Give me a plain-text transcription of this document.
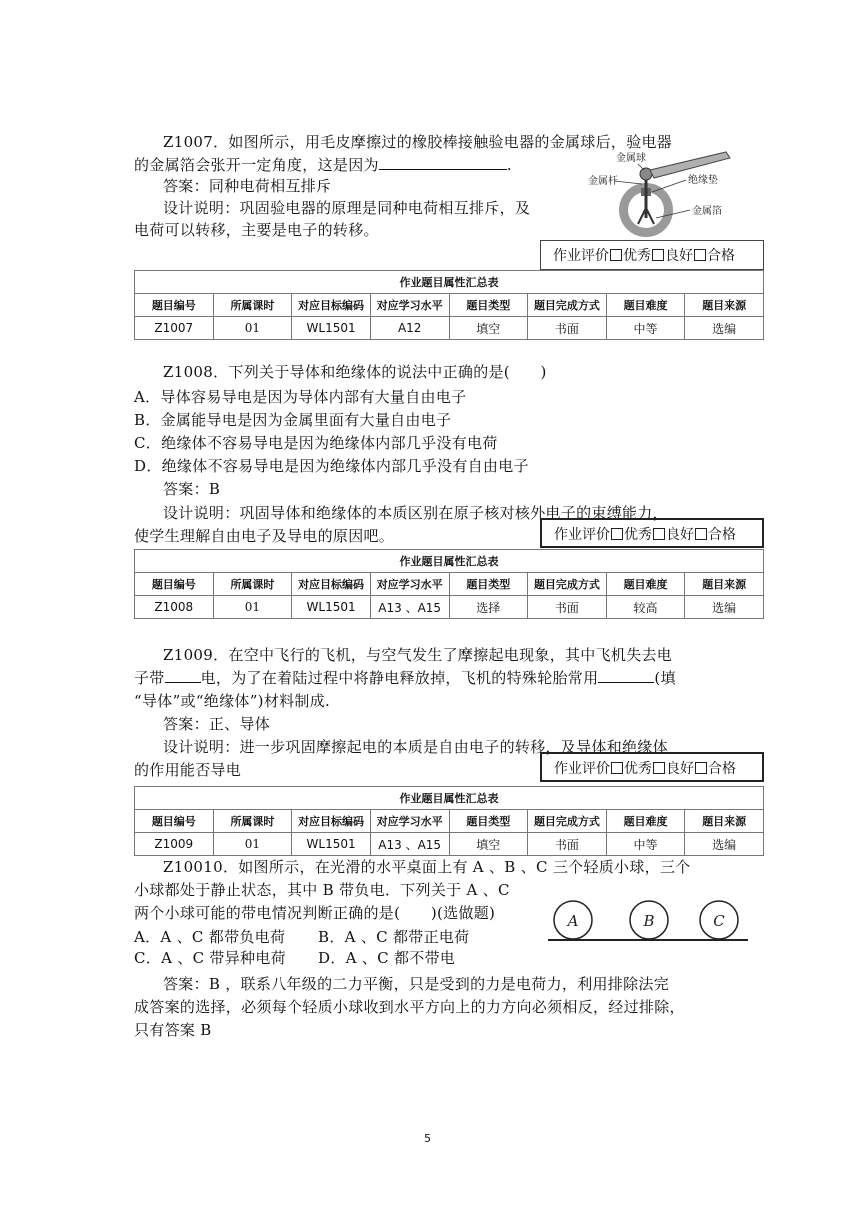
Z1007．如图所示，用毛皮摩擦过的橡胶棒接触验电器的金属球后，验电器
的金属箔会张开一定角度，这是因为	.
答案：同种电荷相互排斥
设计说明：巩固验电器的原理是同种电荷相互排斥，及
电荷可以转移，主要是电子的转移。
金属球
金属杆	绝缘垫
金属箔
作业评价 优秀 良好 合格
作业题目属性汇总表							
题目编号	所属课时	对应目标编码	对应学习水平	题目类型	题目完成方式	题目难度	题目来源
Z1007	01	WL1501	A12	填空	书面	中等	选编
Z1008．下列关于导体和绝缘体的说法中正确的是(　　)
A．导体容易导电是因为导体内部有大量自由电子
B．金属能导电是因为金属里面有大量自由电子
C．绝缘体不容易导电是因为绝缘体内部几乎没有电荷
D．绝缘体不容易导电是因为绝缘体内部几乎没有自由电子
答案：B
设计说明：巩固导体和绝缘体的本质区别在原子核对核外电子的束缚能力，
使学生理解自由电子及导电的原因吧。	作业评价 优秀 良好 合格
作业题目属性汇总表							
题目编号	所属课时	对应目标编码	对应学习水平	题目类型	题目完成方式	题目难度	题目来源
Z1008	01	WL1501	A13 、A15	选择	书面	较高	选编
Z1009．在空中飞行的飞机，与空气发生了摩擦起电现象，其中飞机失去电
子带 电，为了在着陆过程中将静电释放掉，飞机的特殊轮胎常用	(填
“导体”或“绝缘体”)材料制成.
答案：正、导体
设计说明：进一步巩固摩擦起电的本质是自由电子的转移，及导体和绝缘体
的作用能否导电	作业评价 优秀 良好 合格
作业题目属性汇总表							
题目编号	所属课时	对应目标编码	对应学习水平	题目类型	题目完成方式	题目难度	题目来源
Z1009	01	WL1501	A13 、A15	填空	书面	中等	选编
Z10010．如图所示，在光滑的水平桌面上有 A 、B 、C 三个轻质小球，三个
小球都处于静止状态，其中 B 带负电．下列关于 A 、C
两个小球可能的带电情况判断正确的是(　　)(选做题)
A．A 、C 都带负电荷 B．A 、C 都带正电荷
C．A 、C 带异种电荷 D．A 、C 都不带电
A	B	C
答案：B ，联系八年级的二力平衡，只是受到的力是电荷力，利用排除法完
成答案的选择，必须每个轻质小球收到水平方向上的力方向必须相反，经过排除，
只有答案 B
5
